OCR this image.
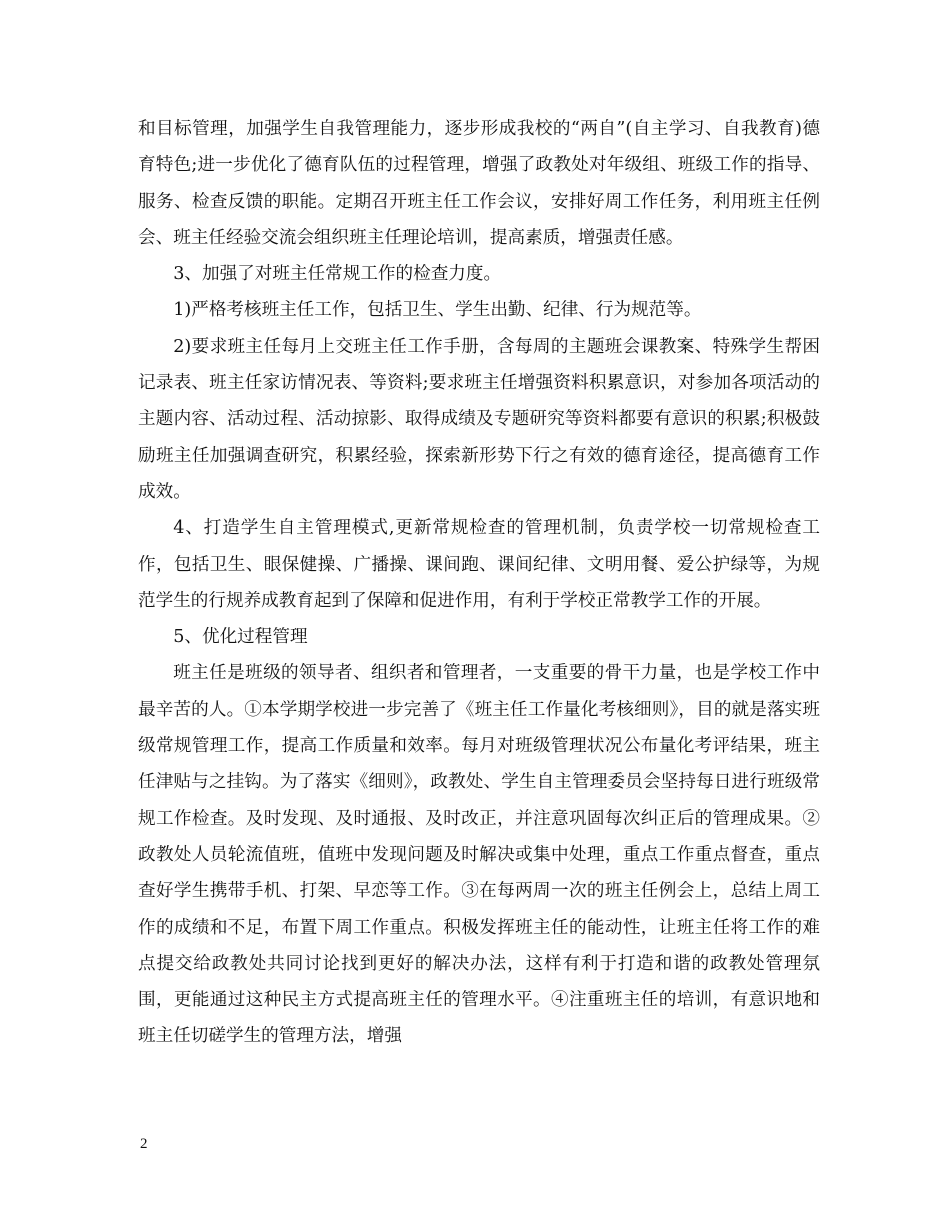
和目标管理，加强学生自我管理能力，逐步形成我校的“两自”(自主学习、自我教育)德育特色;进一步优化了德育队伍的过程管理，增强了政教处对年级组、班级工作的指导、服务、检查反馈的职能。定期召开班主任工作会议，安排好周工作任务，利用班主任例会、班主任经验交流会组织班主任理论培训，提高素质，增强责任感。

3、加强了对班主任常规工作的检查力度。

1)严格考核班主任工作，包括卫生、学生出勤、纪律、行为规范等。

2)要求班主任每月上交班主任工作手册，含每周的主题班会课教案、特殊学生帮困记录表、班主任家访情况表、等资料;要求班主任增强资料积累意识，对参加各项活动的主题内容、活动过程、活动掠影、取得成绩及专题研究等资料都要有意识的积累;积极鼓励班主任加强调查研究，积累经验，探索新形势下行之有效的德育途径，提高德育工作成效。

4、打造学生自主管理模式,更新常规检查的管理机制，负责学校一切常规检查工作，包括卫生、眼保健操、广播操、课间跑、课间纪律、文明用餐、爱公护绿等，为规范学生的行规养成教育起到了保障和促进作用，有利于学校正常教学工作的开展。

5、优化过程管理

班主任是班级的领导者、组织者和管理者，一支重要的骨干力量，也是学校工作中最辛苦的人。①本学期学校进一步完善了《班主任工作量化考核细则》，目的就是落实班级常规管理工作，提高工作质量和效率。每月对班级管理状况公布量化考评结果，班主任津贴与之挂钩。为了落实《细则》，政教处、学生自主管理委员会坚持每日进行班级常规工作检查。及时发现、及时通报、及时改正，并注意巩固每次纠正后的管理成果。②政教处人员轮流值班，值班中发现问题及时解决或集中处理，重点工作重点督查，重点查好学生携带手机、打架、早恋等工作。③在每两周一次的班主任例会上，总结上周工作的成绩和不足，布置下周工作重点。积极发挥班主任的能动性，让班主任将工作的难点提交给政教处共同讨论找到更好的解决办法，这样有利于打造和谐的政教处管理氛围，更能通过这种民主方式提高班主任的管理水平。④注重班主任的培训，有意识地和班主任切磋学生的管理方法，增强

2
